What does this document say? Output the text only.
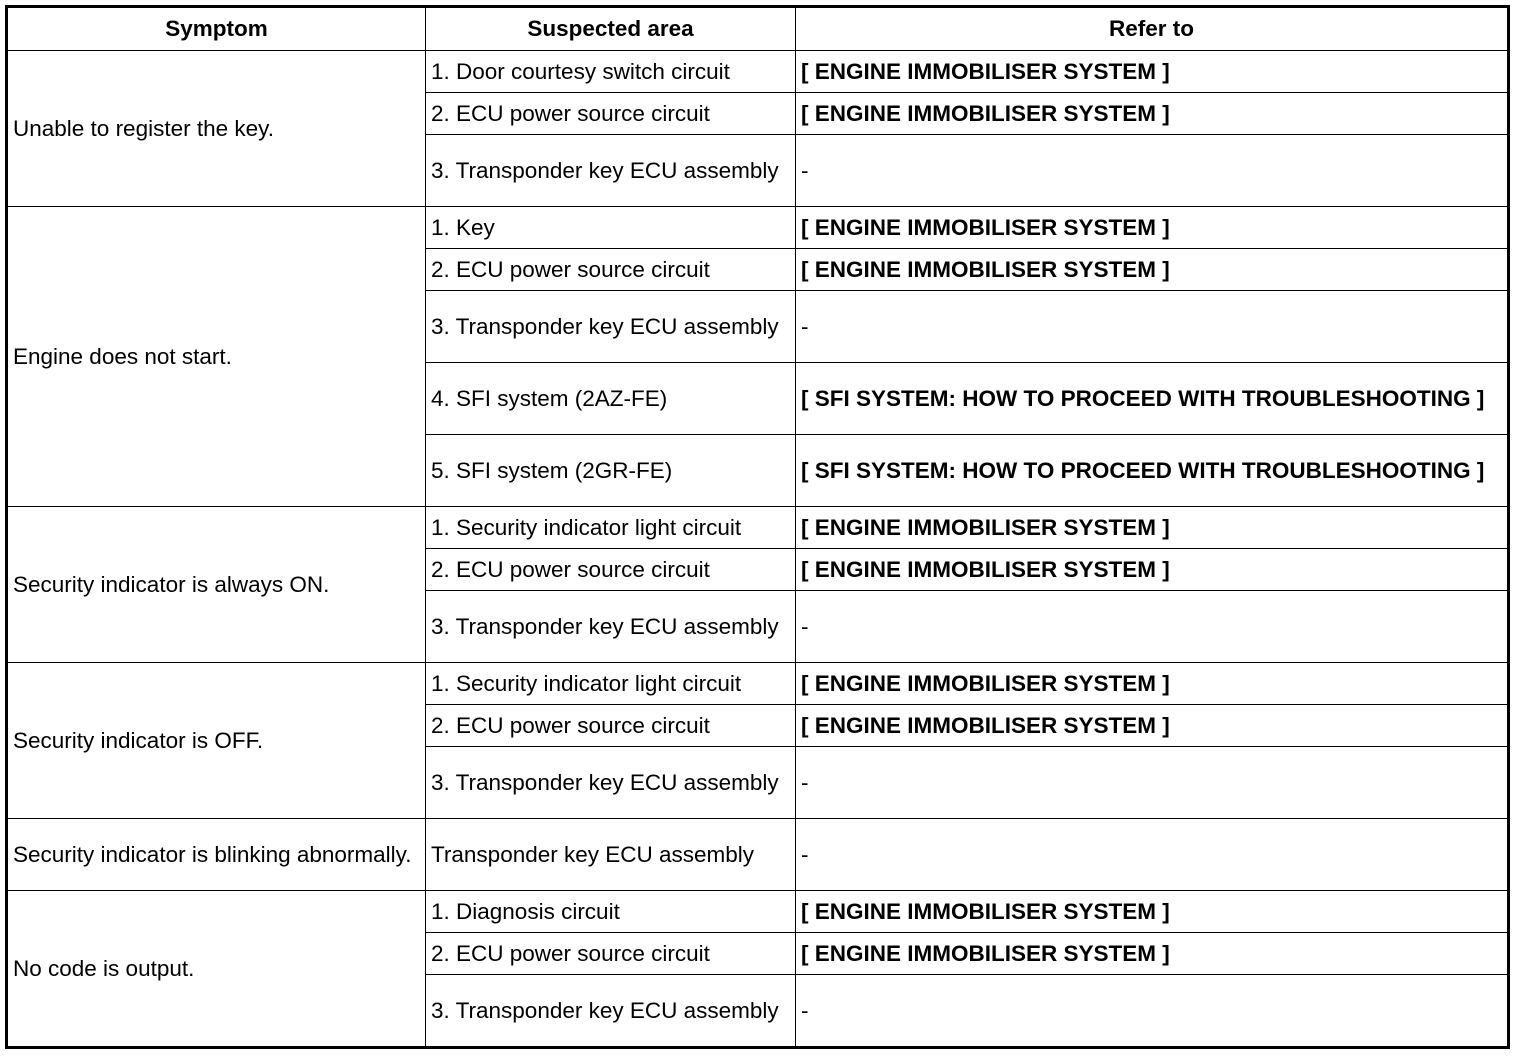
Symptom	Suspected area	Refer to
Unable to register the key.	1. Door courtesy switch circuit	[ ENGINE IMMOBILISER SYSTEM ]
	2. ECU power source circuit	[ ENGINE IMMOBILISER SYSTEM ]
	3. Transponder key ECU assembly	-
Engine does not start.	1. Key	[ ENGINE IMMOBILISER SYSTEM ]
	2. ECU power source circuit	[ ENGINE IMMOBILISER SYSTEM ]
	3. Transponder key ECU assembly	-
	4. SFI system (2AZ-FE)	[ SFI SYSTEM: HOW TO PROCEED WITH TROUBLESHOOTING ]
	5. SFI system (2GR-FE)	[ SFI SYSTEM: HOW TO PROCEED WITH TROUBLESHOOTING ]
Security indicator is always ON.	1. Security indicator light circuit	[ ENGINE IMMOBILISER SYSTEM ]
	2. ECU power source circuit	[ ENGINE IMMOBILISER SYSTEM ]
	3. Transponder key ECU assembly	-
Security indicator is OFF.	1. Security indicator light circuit	[ ENGINE IMMOBILISER SYSTEM ]
	2. ECU power source circuit	[ ENGINE IMMOBILISER SYSTEM ]
	3. Transponder key ECU assembly	-
Security indicator is blinking abnormally.	Transponder key ECU assembly	-
No code is output.	1. Diagnosis circuit	[ ENGINE IMMOBILISER SYSTEM ]
	2. ECU power source circuit	[ ENGINE IMMOBILISER SYSTEM ]
	3. Transponder key ECU assembly	-
